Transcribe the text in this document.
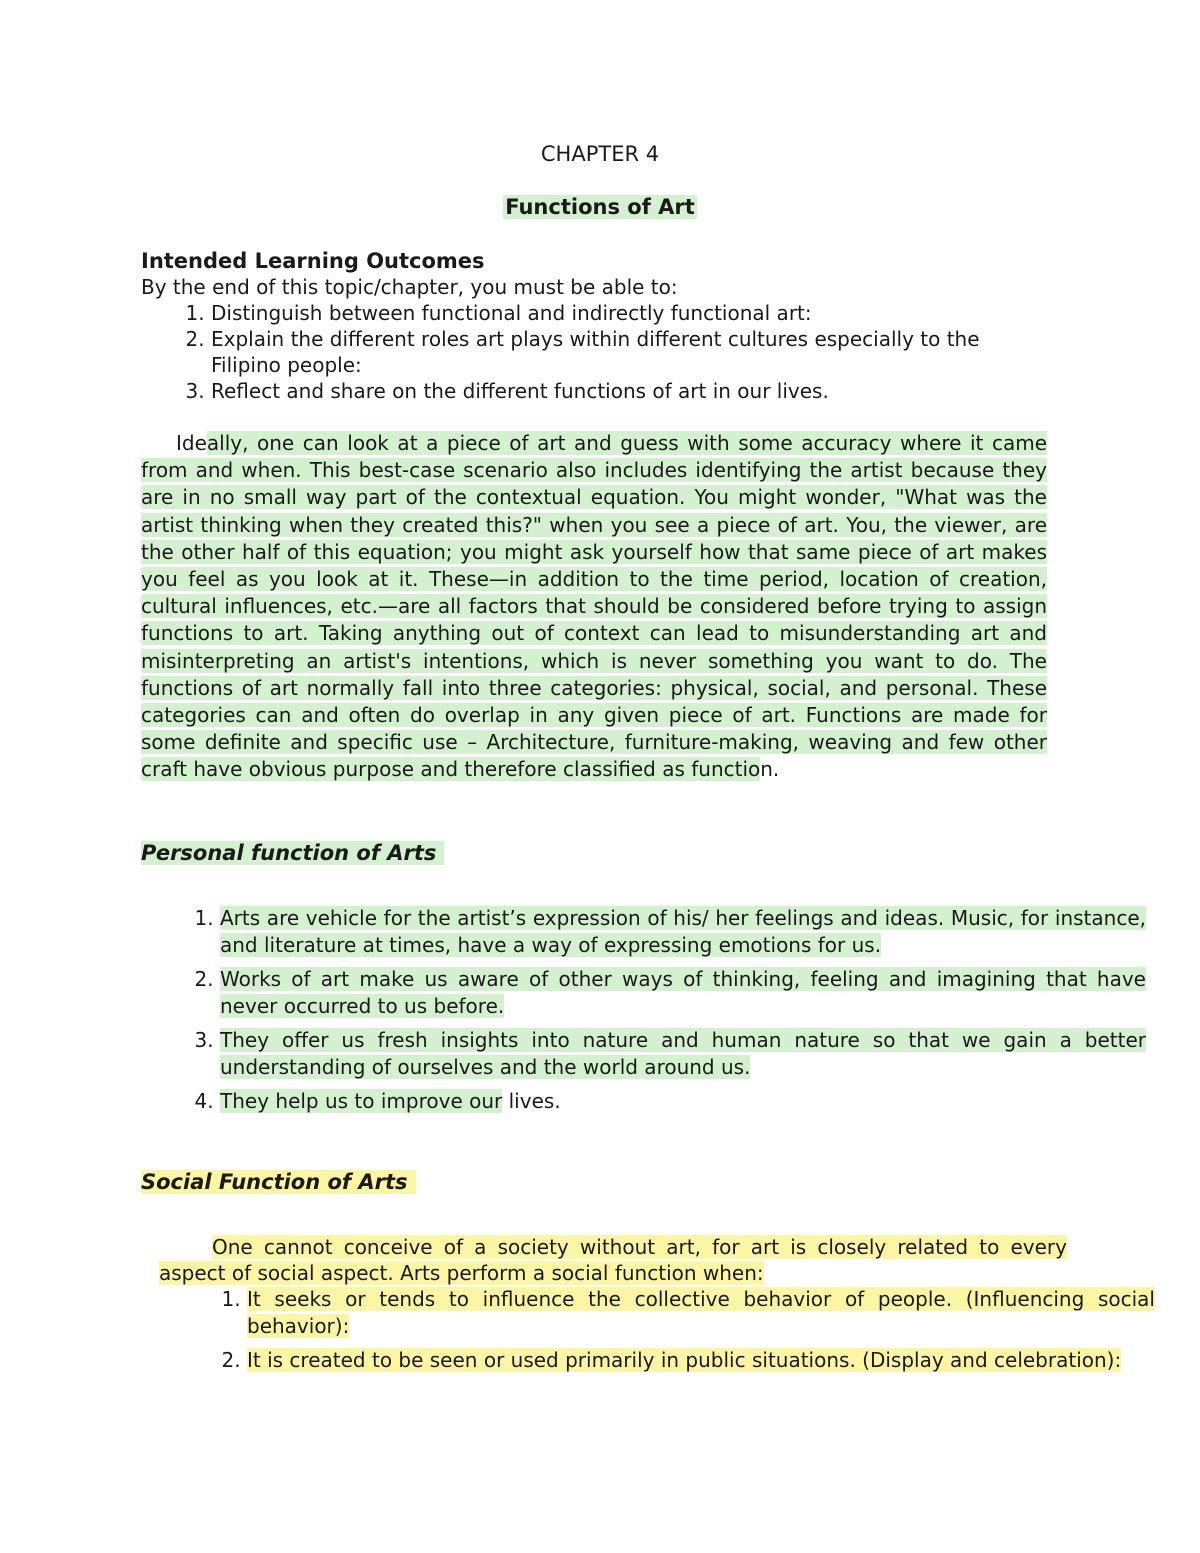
CHAPTER 4
Functions of Art
Intended Learning Outcomes

By the end of this topic/chapter, you must be able to:

1. Distinguish between functional and indirectly functional art:
2. Explain the different roles art plays within different cultures especially to the Filipino people:
3. Reflect and share on the different functions of art in our lives.

Ideally, one can look at a piece of art and guess with some accuracy where it came from and when. This best-case scenario also includes identifying the artist because they are in no small way part of the contextual equation. You might wonder, "What was the artist thinking when they created this?" when you see a piece of art. You, the viewer, are the other half of this equation; you might ask yourself how that same piece of art makes you feel as you look at it. These—in addition to the time period, location of creation, cultural influences, etc.—are all factors that should be considered before trying to assign functions to art. Taking anything out of context can lead to misunderstanding art and misinterpreting an artist's intentions, which is never something you want to do. The functions of art normally fall into three categories: physical, social, and personal. These categories can and often do overlap in any given piece of art. Functions are made for some definite and specific use – Architecture, furniture-making, weaving and few other craft have obvious purpose and therefore classified as function.

Personal function of Arts
1. Arts are vehicle for the artist’s expression of his/ her feelings and ideas. Music, for instance, and literature at times, have a way of expressing emotions for us.
2. Works of art make us aware of other ways of thinking, feeling and imagining that have never occurred to us before.
3. They offer us fresh insights into nature and human nature so that we gain a better understanding of ourselves and the world around us.
4. They help us to improve our lives.
Social Function of Arts

One cannot conceive of a society without art, for art is closely related to every aspect of social aspect. Arts perform a social function when:

1. It seeks or tends to influence the collective behavior of people. (Influencing social behavior):
2. It is created to be seen or used primarily in public situations. (Display and celebration):
